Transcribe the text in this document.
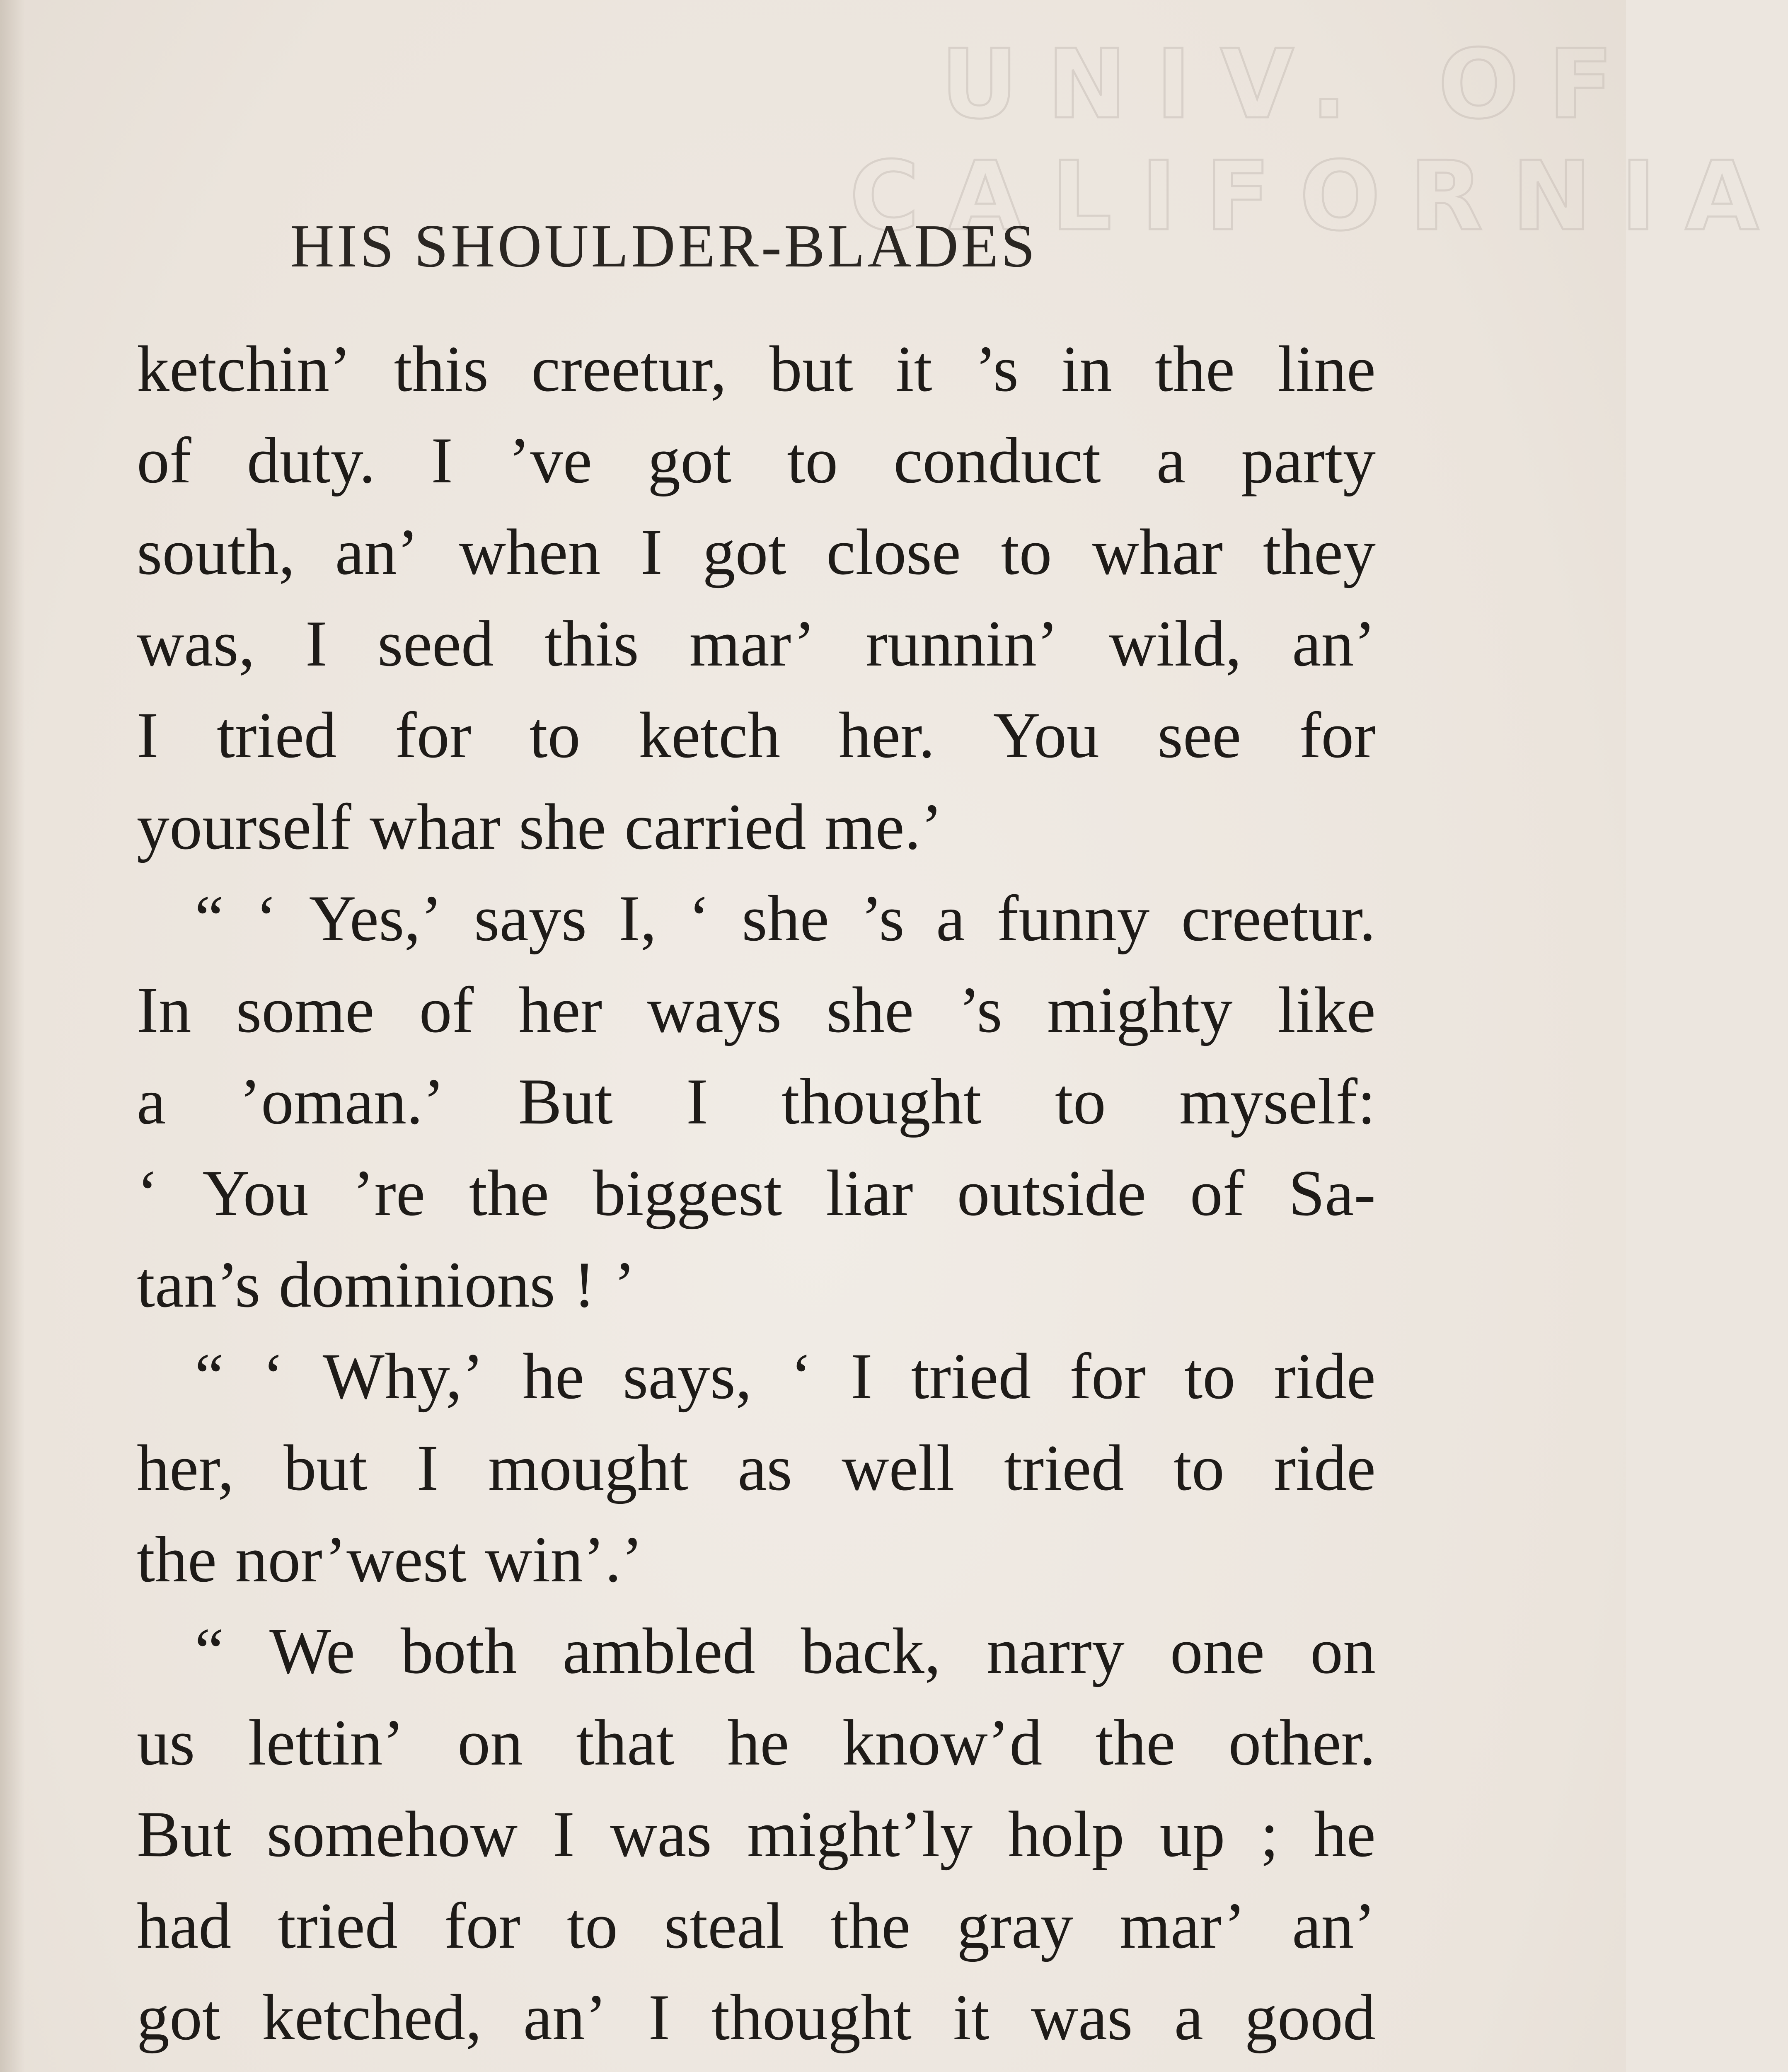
UNIV. OF
CALIFORNIA
HIS SHOULDER-BLADES
ketchin’ this creetur, but it ’s in the line
of duty. I ’ve got to conduct a party
south, an’ when I got close to whar they
was, I seed this mar’ runnin’ wild, an’
I tried for to ketch her. You see for
yourself whar she carried me.’
“ ‘ Yes,’ says I, ‘ she ’s a funny creetur.
In some of her ways she ’s mighty like
a ’oman.’ But I thought to myself:
‘ You ’re the biggest liar outside of Sa-
tan’s dominions ! ’
“ ‘ Why,’ he says, ‘ I tried for to ride
her, but I mought as well tried to ride
the nor’west win’.’
“ We both ambled back, narry one on
us lettin’ on that he know’d the other.
But somehow I was might’ly holp up ; he
had tried for to steal the gray mar’ an’
got ketched, an’ I thought it was a good
